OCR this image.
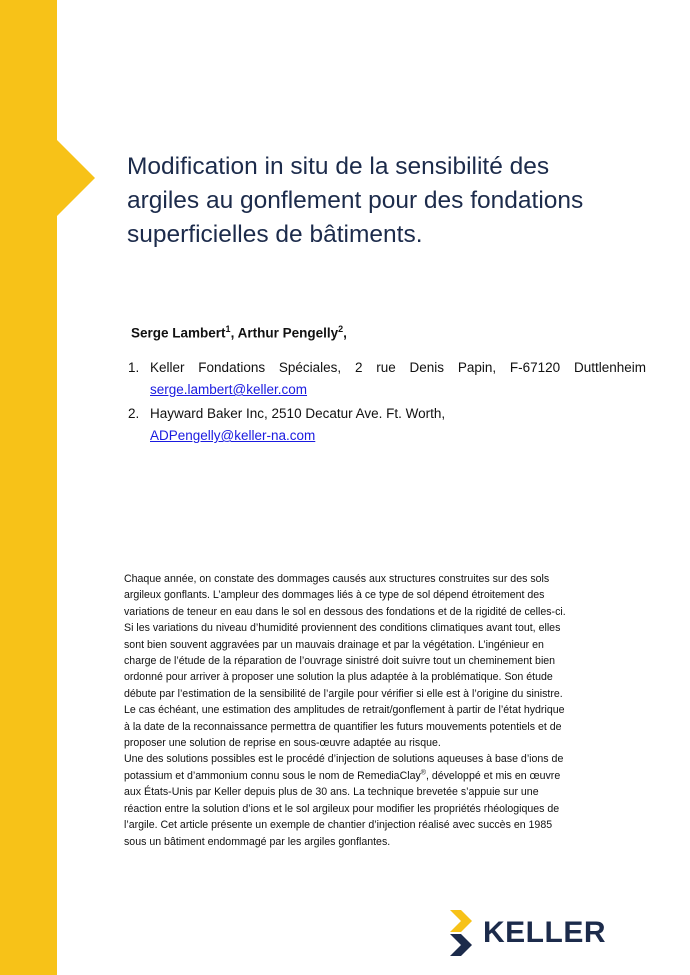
Modification in situ de la sensibilité des
argiles au gonflement pour des fondations
superficielles de bâtiments.
Serge Lambert$^1$, Arthur Pengelly$^2$,
1. Keller Fondations Spéciales, 2 rue Denis Papin, F-67120 Duttlenheim
serge.lambert@keller.com
2. Hayward Baker Inc, 2510 Decatur Ave. Ft. Worth,
ADPengelly@keller-na.com
Chaque année, on constate des dommages causés aux structures construites sur des sols
argileux gonflants. L’ampleur des dommages liés à ce type de sol dépend étroitement des
variations de teneur en eau dans le sol en dessous des fondations et de la rigidité de celles-ci.
Si les variations du niveau d’humidité proviennent des conditions climatiques avant tout, elles
sont bien souvent aggravées par un mauvais drainage et par la végétation. L’ingénieur en
charge de l’étude de la réparation de l’ouvrage sinistré doit suivre tout un cheminement bien
ordonné pour arriver à proposer une solution la plus adaptée à la problématique. Son étude
débute par l’estimation de la sensibilité de l’argile pour vérifier si elle est à l’origine du sinistre.
Le cas échéant, une estimation des amplitudes de retrait/gonflement à partir de l’état hydrique
à la date de la reconnaissance permettra de quantifier les futurs mouvements potentiels et de
proposer une solution de reprise en sous-œuvre adaptée au risque.
Une des solutions possibles est le procédé d’injection de solutions aqueuses à base d’ions de
potassium et d’ammonium connu sous le nom de RemediaClay®, développé et mis en œuvre
aux États-Unis par Keller depuis plus de 30 ans. La technique brevetée s’appuie sur une
réaction entre la solution d’ions et le sol argileux pour modifier les propriétés rhéologiques de
l’argile. Cet article présente un exemple de chantier d’injection réalisé avec succès en 1985
sous un bâtiment endommagé par les argiles gonflantes.
KELLER
